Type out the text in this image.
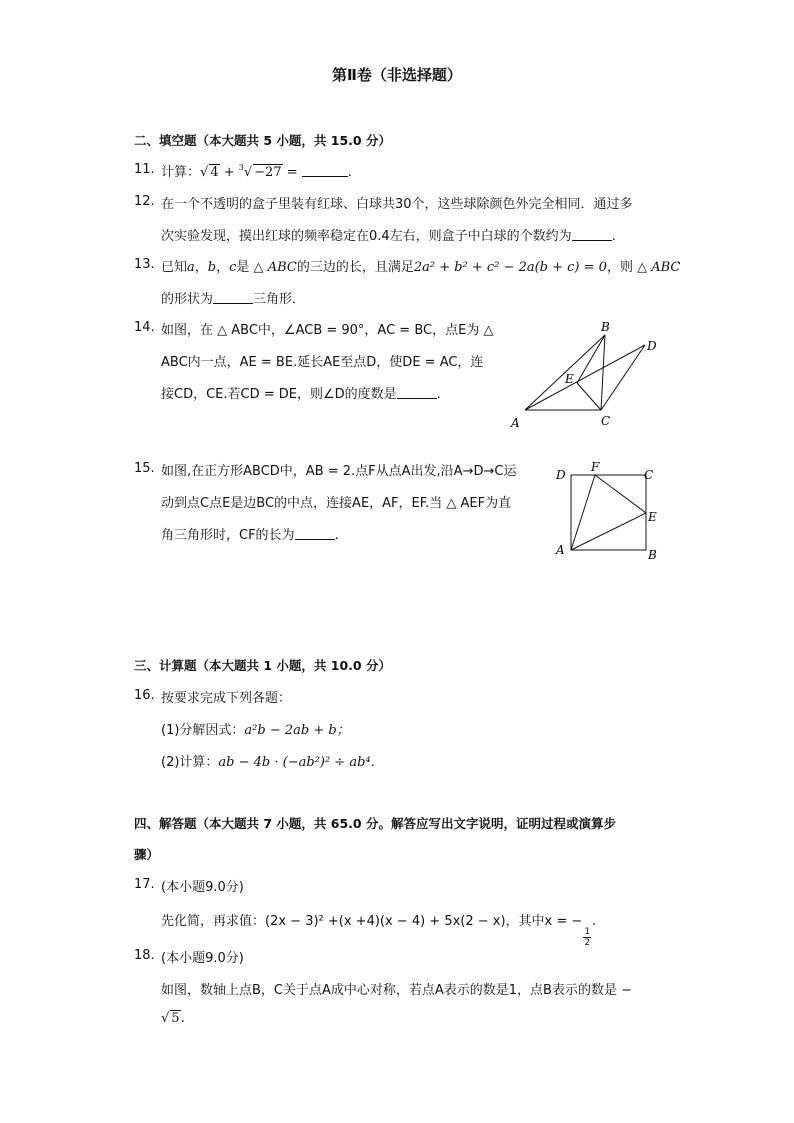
第Ⅱ卷（非选择题）
二、填空题（本大题共 5 小题，共 15.0 分）
11. 计算：√ 4 + $^3$√ −27 =	.
12. 在一个不透明的盒子里装有红球、白球共30个，这些球除颜色外完全相同．通过多
次实验发现，摸出红球的频率稳定在0.4左右，则盒子中白球的个数约为	.
13. 已知a，b，c是 △ ABC的三边的长，且满足2a² + b² + c² − 2a(b + c) = 0，则 △ ABC
的形状为	三角形．
14. 如图，在 △ ABC中，∠ACB = 90°，AC = BC，点E为 △
ABC内一点，AE = BE.延长AE至点D，使DE = AC，连
接CD，CE.若CD = DE，则∠D的度数是	.
A
B
C
D
E
15. 如图,在正方形ABCD中，AB = 2.点F从点A出发,沿A→D→C运
动到点C点E是边BC的中点，连接AE，AF，EF.当 △ AEF为直
角三角形时，CF的长为	.
A	B
C
D
E
F
三、计算题（本大题共 1 小题，共 10.0 分）
16. 按要求完成下列各题：
(1)分解因式：a²b − 2ab + b；
(2)计算：ab − 4b · (−ab²)² ÷ ab⁴.
四、解答题（本大题共 7 小题，共 65.0 分。解答应写出文字说明，证明过程或演算步
骤）
17. (本小题9.0分)
先化简，再求值：(2x − 3)² +(x +4)(x − 4) + 5x(2 − x)，其中x = −
$\frac{1}{2}$
.
18. (本小题9.0分)
如图，数轴上点B，C关于点A成中心对称，若点A表示的数是1，点B表示的数是 −
√ 5.
